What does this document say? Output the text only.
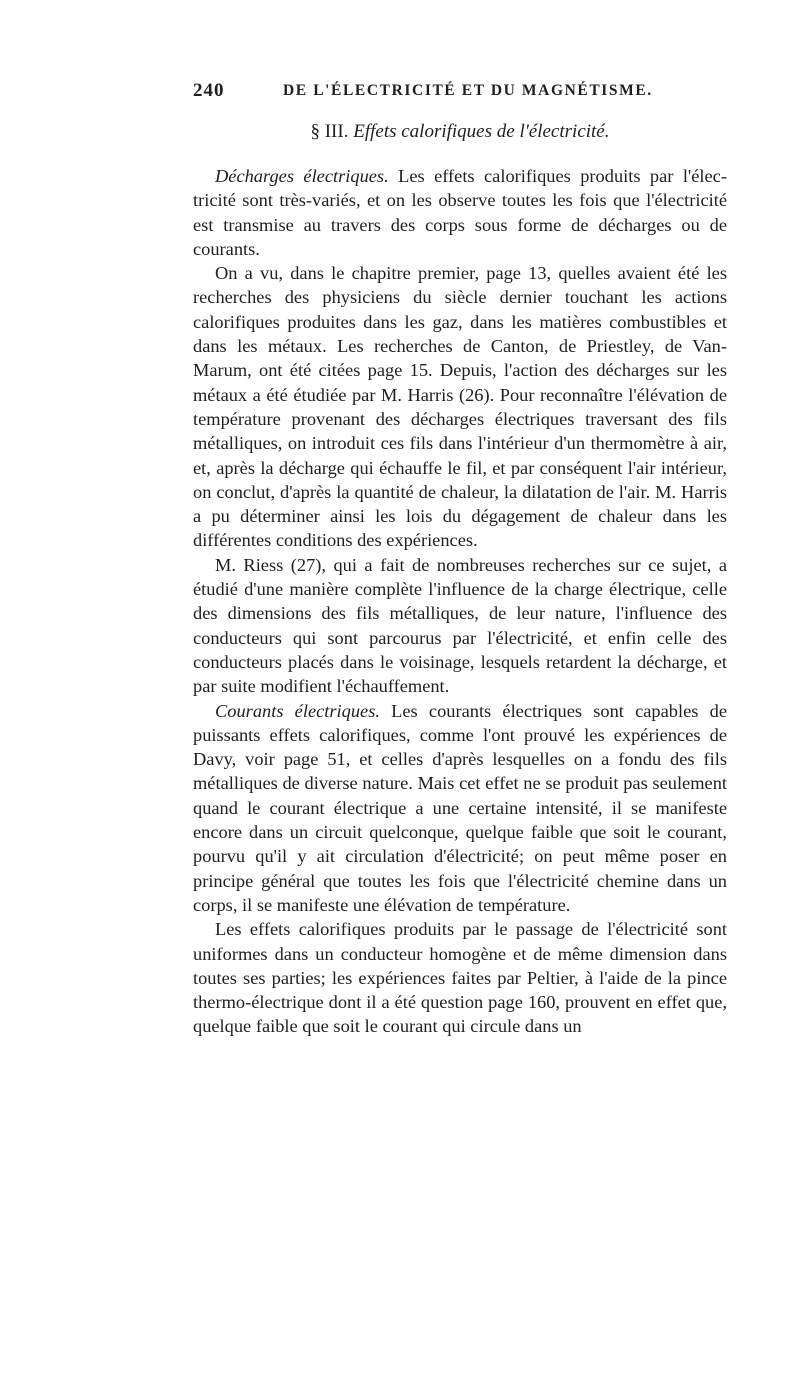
240	DE L'ÉLECTRICITÉ ET DU MAGNÉTISME.
§ III. Effets calorifiques de l'électricité.

Décharges électriques. Les effets calorifiques produits par l'électricité sont très-variés, et on les observe toutes les fois que l'électricité est transmise au travers des corps sous forme de décharges ou de courants.

On a vu, dans le chapitre premier, page 13, quelles avaient été les recherches des physiciens du siècle dernier touchant les actions calorifiques produites dans les gaz, dans les matières combustibles et dans les métaux. Les recherches de Canton, de Priestley, de Van-Marum, ont été citées page 15. Depuis, l'action des décharges sur les métaux a été étudiée par M. Harris (26). Pour reconnaître l'élévation de température provenant des décharges électriques traversant des fils métalliques, on introduit ces fils dans l'intérieur d'un thermomètre à air, et, après la décharge qui échauffe le fil, et par conséquent l'air intérieur, on conclut, d'après la quantité de chaleur, la dilatation de l'air. M. Harris a pu déterminer ainsi les lois du dégagement de chaleur dans les différentes conditions des expériences.

M. Riess (27), qui a fait de nombreuses recherches sur ce sujet, a étudié d'une manière complète l'influence de la charge électrique, celle des dimensions des fils métalliques, de leur nature, l'influence des conducteurs qui sont parcourus par l'électricité, et enfin celle des conducteurs placés dans le voisinage, lesquels retardent la décharge, et par suite modifient l'échauffement.

Courants électriques. Les courants électriques sont capables de puissants effets calorifiques, comme l'ont prouvé les expériences de Davy, voir page 51, et celles d'après lesquelles on a fondu des fils métalliques de diverse nature. Mais cet effet ne se produit pas seulement quand le courant électrique a une certaine intensité, il se manifeste encore dans un circuit quelconque, quelque faible que soit le courant, pourvu qu'il y ait circulation d'électricité; on peut même poser en principe général que toutes les fois que l'électricité chemine dans un corps, il se manifeste une élévation de température.

Les effets calorifiques produits par le passage de l'électricité sont uniformes dans un conducteur homogène et de même dimension dans toutes ses parties; les expériences faites par Peltier, à l'aide de la pince thermo-électrique dont il a été question page 160, prouvent en effet que, quelque faible que soit le courant qui circule dans un
